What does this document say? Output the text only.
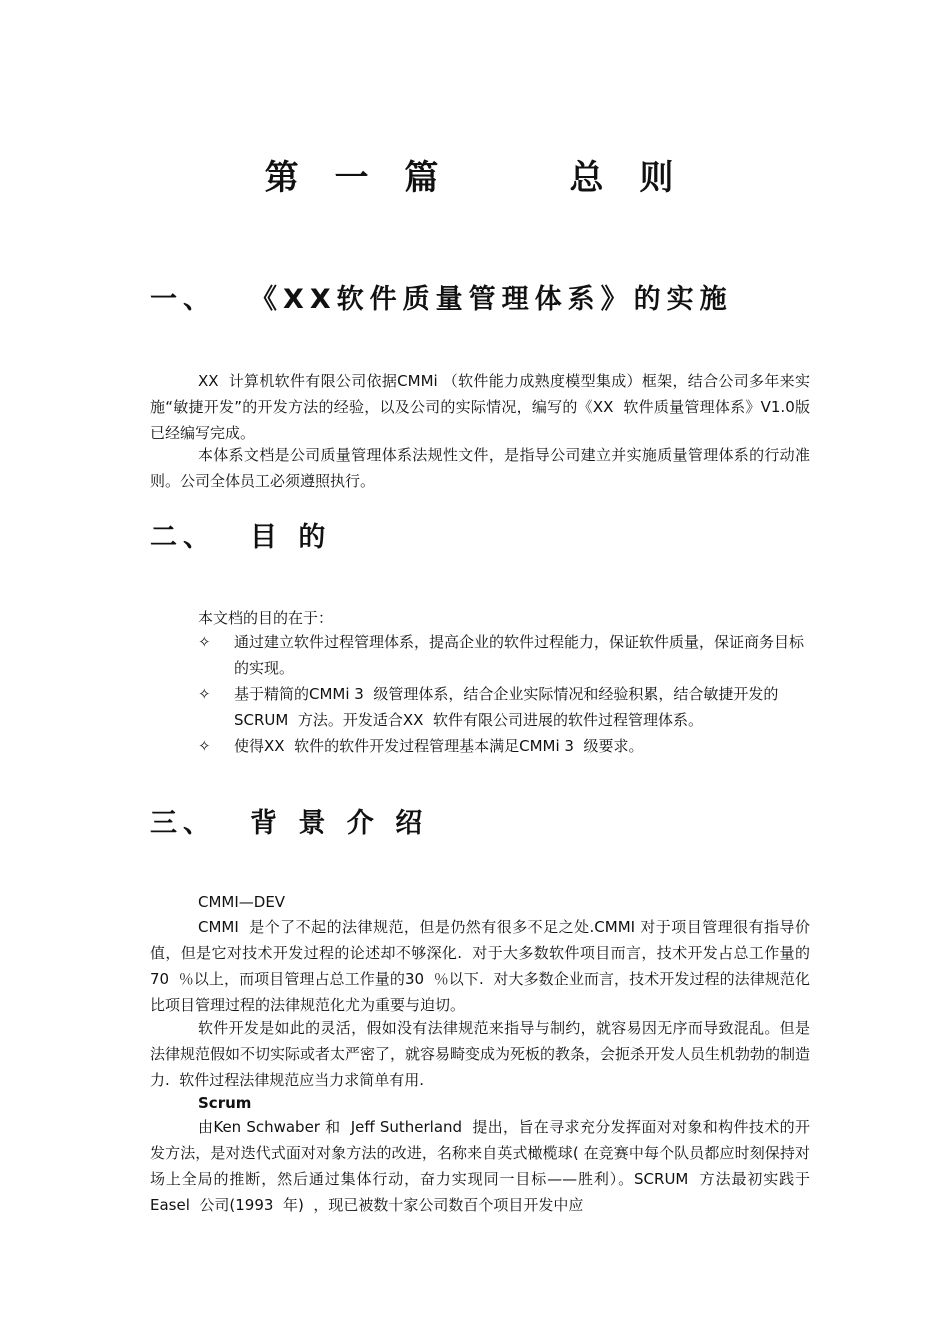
第 一 篇     总 则
一、 《XX软件质量管理体系》的实施

XX  计算机软件有限公司依据CMMi （软件能力成熟度模型集成）框架，结合公司多年来实施“敏捷开发”的开发方法的经验，以及公司的实际情况，编写的《XX  软件质量管理体系》V1.0版已经编写完成。

本体系文档是公司质量管理体系法规性文件，是指导公司建立并实施质量管理体系的行动准则。公司全体员工必须遵照执行。

二、 目 的

本文档的目的在于：

✧	通过建立软件过程管理体系，提高企业的软件过程能力，保证软件质量，保证商务目标的实现。
✧	基于精简的CMMi 3  级管理体系，结合企业实际情况和经验积累，结合敏捷开发的SCRUM  方法。开发适合XX  软件有限公司进展的软件过程管理体系。
✧	使得XX  软件的软件开发过程管理基本满足CMMi 3  级要求。
三、 背 景 介 绍

CMMI—DEV

CMMI  是个了不起的法律规范，但是仍然有很多不足之处.CMMI 对于项目管理很有指导价值，但是它对技术开发过程的论述却不够深化.  对于大多数软件项目而言，技术开发占总工作量的70  ％以上，而项目管理占总工作量的30  ％以下.  对大多数企业而言，技术开发过程的法律规范化比项目管理过程的法律规范化尤为重要与迫切。

软件开发是如此的灵活，假如没有法律规范来指导与制约，就容易因无序而导致混乱。但是法律规范假如不切实际或者太严密了，就容易畸变成为死板的教条，会扼杀开发人员生机勃勃的制造力.  软件过程法律规范应当力求简单有用.

Scrum

由Ken Schwaber 和  Jeff Sutherland  提出，旨在寻求充分发挥面对对象和构件技术的开发方法，是对迭代式面对对象方法的改进，名称来自英式橄榄球( 在竞赛中每个队员都应时刻保持对场上全局的推断，然后通过集体行动，奋力实现同一目标——胜利）。SCRUM  方法最初实践于Easel  公司(1993  年)  ，现已被数十家公司数百个项目开发中应
